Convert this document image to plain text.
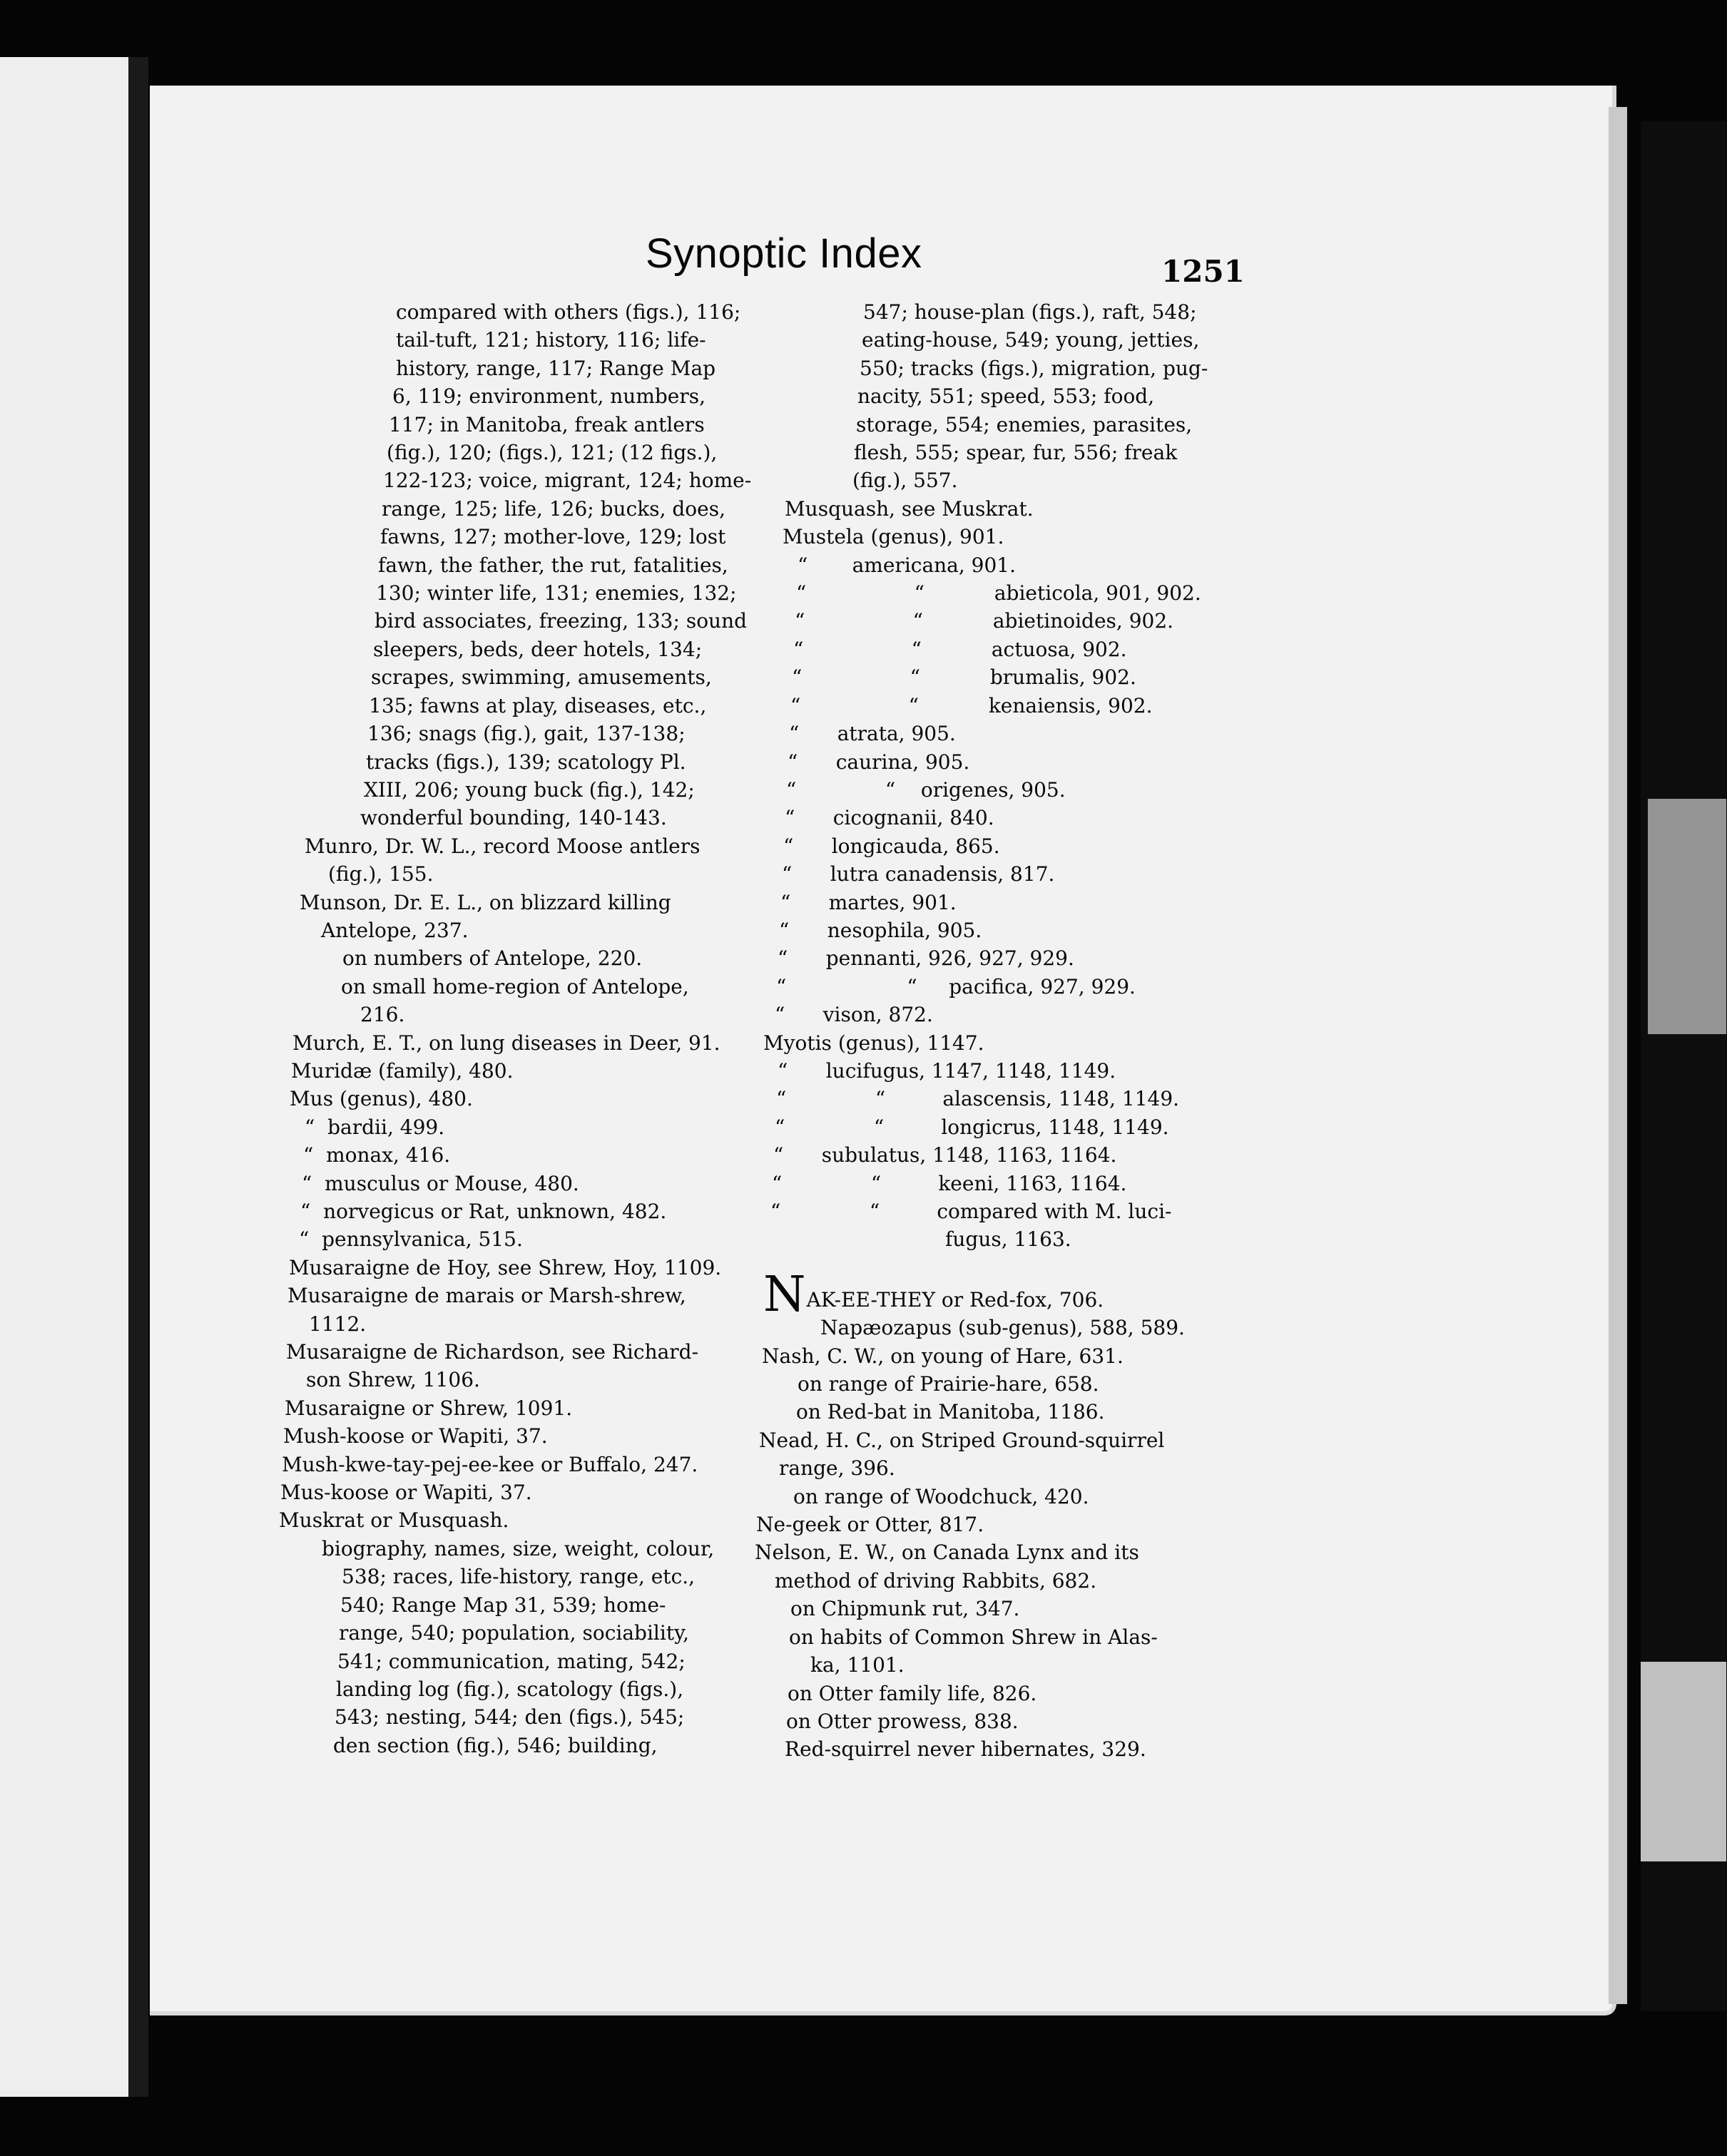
Synoptic Index	1251
compared with others (figs.), 116;
tail-tuft, 121; history, 116; life-
history, range, 117; Range Map
6, 119; environment, numbers,
117; in Manitoba, freak antlers
(fig.), 120; (figs.), 121; (12 figs.),
122-123; voice, migrant, 124; home-
range, 125; life, 126; bucks, does,
fawns, 127; mother-love, 129; lost
fawn, the father, the rut, fatalities,
130; winter life, 131; enemies, 132;
bird associates, freezing, 133; sound
sleepers, beds, deer hotels, 134;
scrapes, swimming, amusements,
135; fawns at play, diseases, etc.,
136; snags (fig.), gait, 137-138;
tracks (figs.), 139; scatology Pl.
XIII, 206; young buck (fig.), 142;
wonderful bounding, 140-143.
Munro, Dr. W. L., record Moose antlers
(fig.), 155.
Munson, Dr. E. L., on blizzard killing
Antelope, 237.
on numbers of Antelope, 220.
on small home-region of Antelope,
216.
Murch, E. T., on lung diseases in Deer, 91.
Muridæ (family), 480.
Mus (genus), 480.
“  bardii, 499.
“  monax, 416.
“  musculus or Mouse, 480.
“  norvegicus or Rat, unknown, 482.
“  pennsylvanica, 515.
Musaraigne de Hoy, see Shrew, Hoy, 1109.
Musaraigne de marais or Marsh-shrew,
1112.
Musaraigne de Richardson, see Richard-
son Shrew, 1106.
Musaraigne or Shrew, 1091.
Mush-koose or Wapiti, 37.
Mush-kwe-tay-pej-ee-kee or Buffalo, 247.
Mus-koose or Wapiti, 37.
Muskrat or Musquash.
biography, names, size, weight, colour,
538; races, life-history, range, etc.,
540; Range Map 31, 539; home-
range, 540; population, sociability,
541; communication, mating, 542;
landing log (fig.), scatology (figs.),
543; nesting, 544; den (figs.), 545;
den section (fig.), 546; building,
547; house-plan (figs.), raft, 548;
eating-house, 549; young, jetties,
550; tracks (figs.), migration, pug-
nacity, 551; speed, 553; food,
storage, 554; enemies, parasites,
flesh, 555; spear, fur, 556; freak
(fig.), 557.
Musquash, see Muskrat.
Mustela (genus), 901.
“       americana, 901.
“                 “           abieticola, 901, 902.
“                 “           abietinoides, 902.
“                 “           actuosa, 902.
“                 “           brumalis, 902.
“                 “           kenaiensis, 902.
“      atrata, 905.
“      caurina, 905.
“              “    origenes, 905.
“      cicognanii, 840.
“      longicauda, 865.
“      lutra canadensis, 817.
“      martes, 901.
“      nesophila, 905.
“      pennanti, 926, 927, 929.
“                   “     pacifica, 927, 929.
“      vison, 872.
Myotis (genus), 1147.
“      lucifugus, 1147, 1148, 1149.
“              “         alascensis, 1148, 1149.
“              “         longicrus, 1148, 1149.
“      subulatus, 1148, 1163, 1164.
“              “         keeni, 1163, 1164.
“              “         compared with M. luci-
fugus, 1163.
NAK-EE-THEY or Red-fox, 706.
Napæozapus (sub-genus), 588, 589.
Nash, C. W., on young of Hare, 631.
on range of Prairie-hare, 658.
on Red-bat in Manitoba, 1186.
Nead, H. C., on Striped Ground-squirrel
range, 396.
on range of Woodchuck, 420.
Ne-geek or Otter, 817.
Nelson, E. W., on Canada Lynx and its
method of driving Rabbits, 682.
on Chipmunk rut, 347.
on habits of Common Shrew in Alas-
ka, 1101.
on Otter family life, 826.
on Otter prowess, 838.
Red-squirrel never hibernates, 329.
